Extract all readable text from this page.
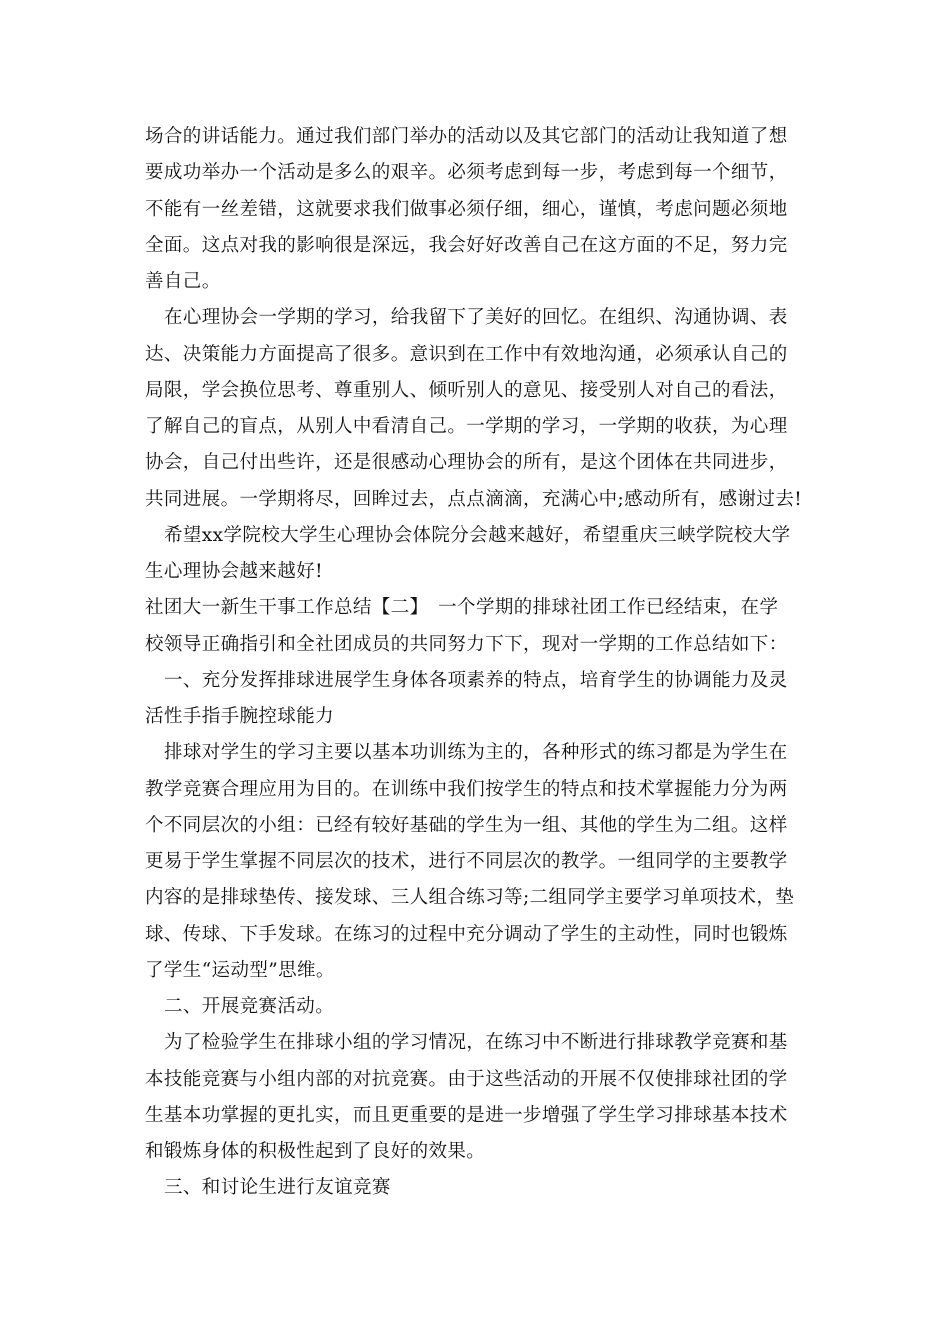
场合的讲话能力。通过我们部门举办的活动以及其它部门的活动让我知道了想
要成功举办一个活动是多么的艰辛。必须考虑到每一步，考虑到每一个细节，
不能有一丝差错，这就要求我们做事必须仔细，细心，谨慎，考虑问题必须地
全面。这点对我的影响很是深远，我会好好改善自己在这方面的不足，努力完
善自己。
在心理协会一学期的学习，给我留下了美好的回忆。在组织、沟通协调、表
达、决策能力方面提高了很多。意识到在工作中有效地沟通，必须承认自己的
局限，学会换位思考、尊重别人、倾听别人的意见、接受别人对自己的看法，
了解自己的盲点，从别人中看清自己。一学期的学习，一学期的收获，为心理
协会，自己付出些许，还是很感动心理协会的所有，是这个团体在共同进步，
共同进展。一学期将尽，回眸过去，点点滴滴，充满心中;感动所有，感谢过去!
希望xx学院校大学生心理协会体院分会越来越好，希望重庆三峡学院校大学
生心理协会越来越好!
社团大一新生干事工作总结【二】　一个学期的排球社团工作已经结束，在学
校领导正确指引和全社团成员的共同努力下下，现对一学期的工作总结如下：
一、充分发挥排球进展学生身体各项素养的特点，培育学生的协调能力及灵
活性手指手腕控球能力
排球对学生的学习主要以基本功训练为主的，各种形式的练习都是为学生在
教学竞赛合理应用为目的。在训练中我们按学生的特点和技术掌握能力分为两
个不同层次的小组：已经有较好基础的学生为一组、其他的学生为二组。这样
更易于学生掌握不同层次的技术，进行不同层次的教学。一组同学的主要教学
内容的是排球垫传、接发球、三人组合练习等;二组同学主要学习单项技术，垫
球、传球、下手发球。在练习的过程中充分调动了学生的主动性，同时也锻炼
了学生“运动型”思维。
二、开展竞赛活动。
为了检验学生在排球小组的学习情况，在练习中不断进行排球教学竞赛和基
本技能竞赛与小组内部的对抗竞赛。由于这些活动的开展不仅使排球社团的学
生基本功掌握的更扎实，而且更重要的是进一步增强了学生学习排球基本技术
和锻炼身体的积极性起到了良好的效果。
三、和讨论生进行友谊竞赛
